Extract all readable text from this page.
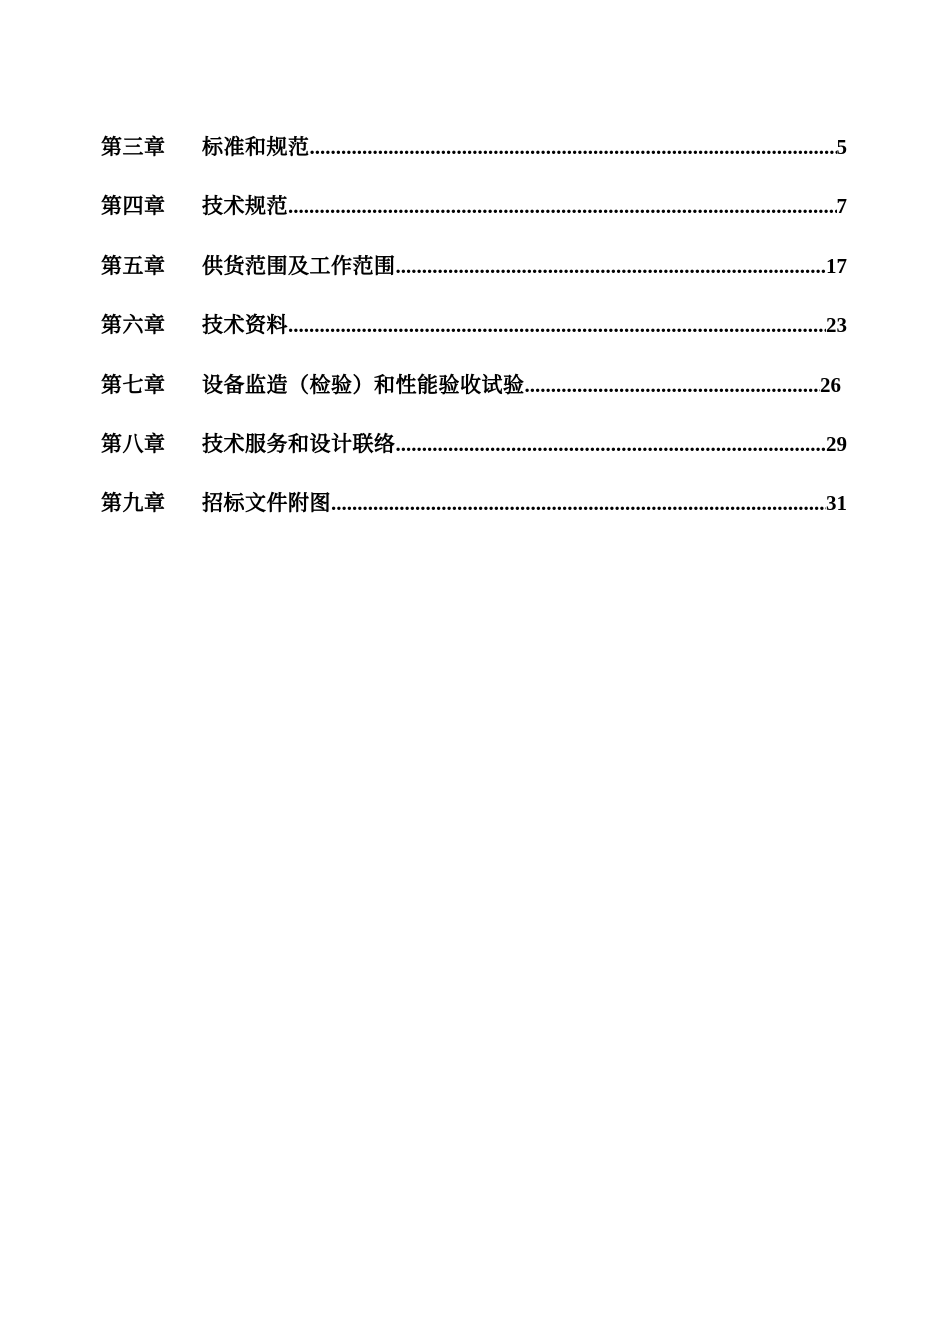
第三章	标准和规范 .....	5
第四章	技术规范 .....	7
第五章	供货范围及工作范围 .....	17
第六章	技术资料 .....	23
第七章	设备监造（检验）和性能验收试验 .....	26
第八章	技术服务和设计联络 .....	29
第九章	招标文件附图 .....	31
